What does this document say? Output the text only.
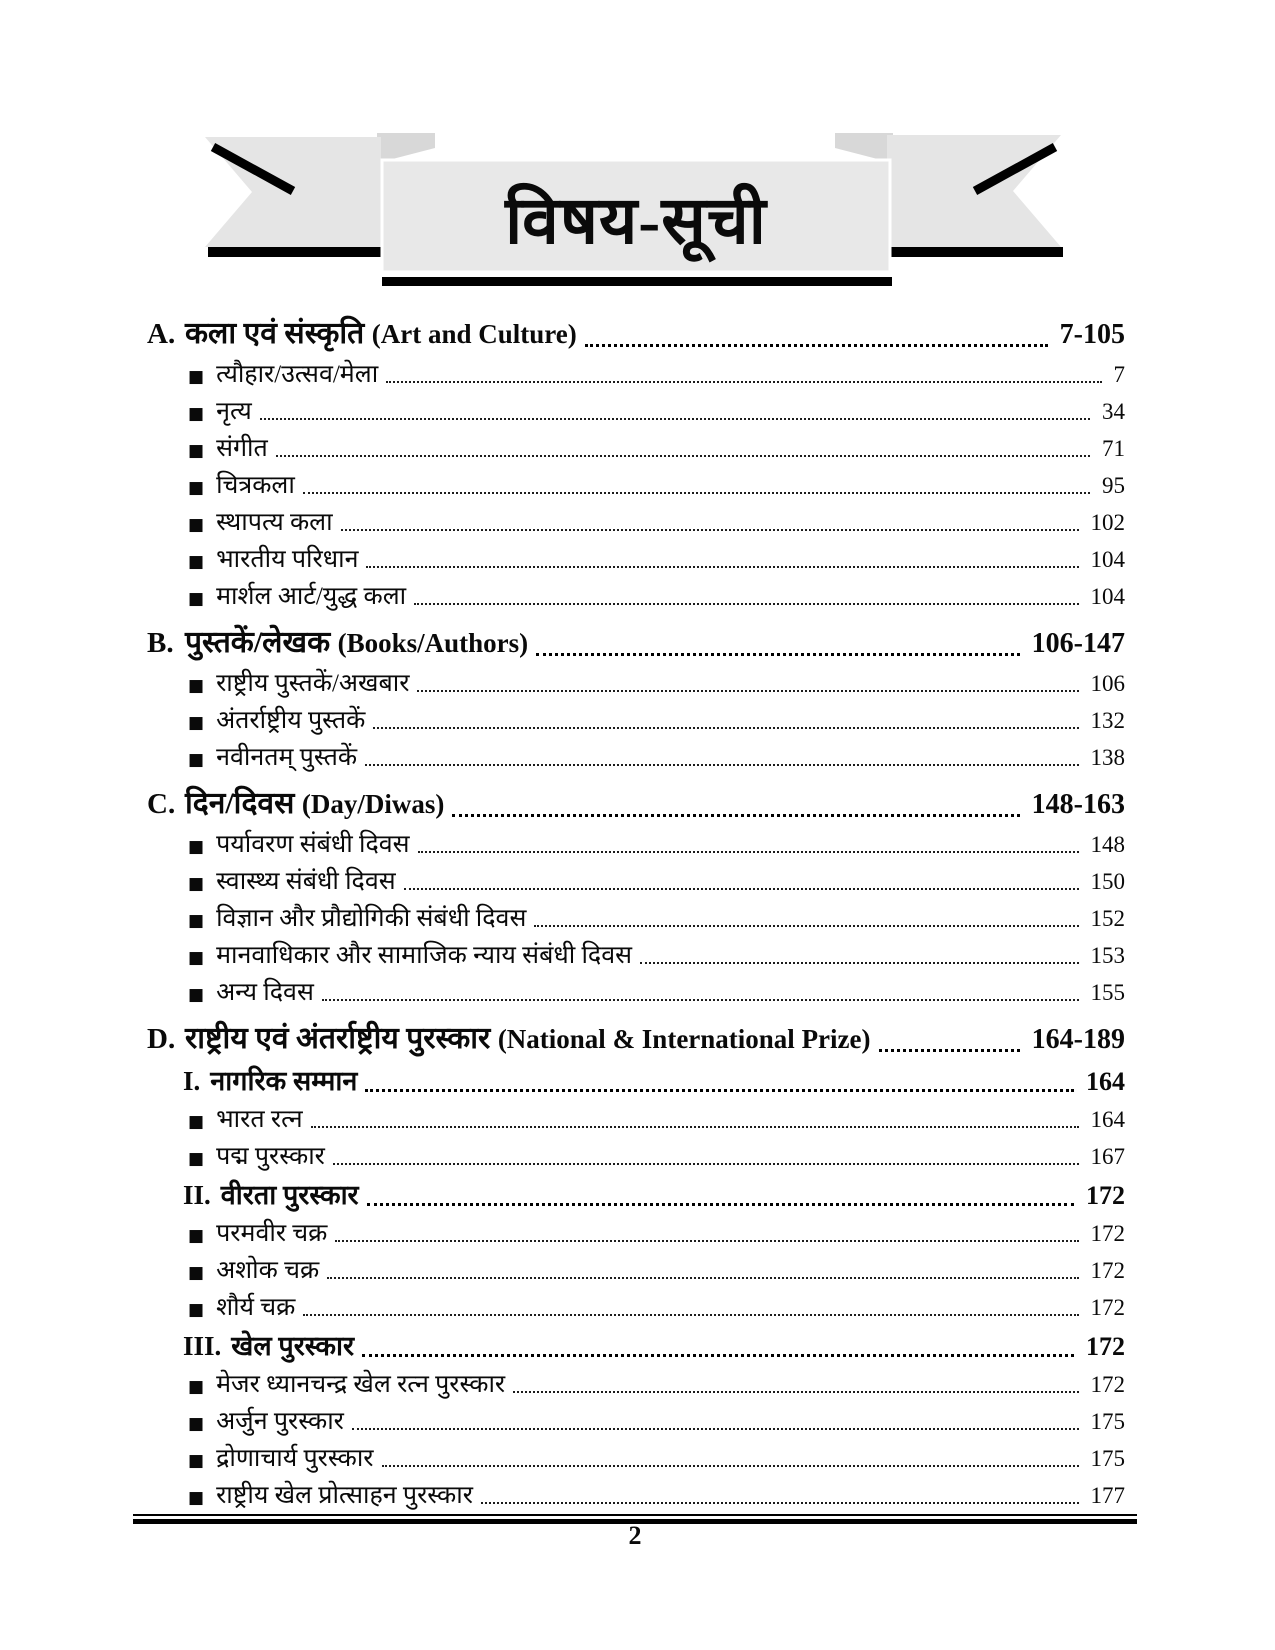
विषय-सूची
A. कला एवं संस्कृति (Art and Culture)	7-105
■ त्यौहार/उत्सव/मेला	7
■ नृत्य	34
■ संगीत	71
■ चित्रकला	95
■ स्थापत्य कला	102
■ भारतीय परिधान	104
■ मार्शल आर्ट/युद्ध कला	104
B. पुस्तकें/लेखक (Books/Authors)	106-147
■ राष्ट्रीय पुस्तकें/अखबार	106
■ अंतर्राष्ट्रीय पुस्तकें	132
■ नवीनतम् पुस्तकें	138
C. दिन/दिवस (Day/Diwas)	148-163
■ पर्यावरण संबंधी दिवस	148
■ स्वास्थ्य संबंधी दिवस	150
■ विज्ञान और प्रौद्योगिकी संबंधी दिवस	152
■ मानवाधिकार और सामाजिक न्याय संबंधी दिवस	153
■ अन्य दिवस	155
D. राष्ट्रीय एवं अंतर्राष्ट्रीय पुरस्कार (National & International Prize)	164-189
I. नागरिक सम्मान	164
■ भारत रत्न	164
■ पद्म पुरस्कार	167
II. वीरता पुरस्कार	172
■ परमवीर चक्र	172
■ अशोक चक्र	172
■ शौर्य चक्र	172
III. खेल पुरस्कार	172
■ मेजर ध्यानचन्द्र खेल रत्न पुरस्कार	172
■ अर्जुन पुरस्कार	175
■ द्रोणाचार्य पुरस्कार	175
■ राष्ट्रीय खेल प्रोत्साहन पुरस्कार	177
2
